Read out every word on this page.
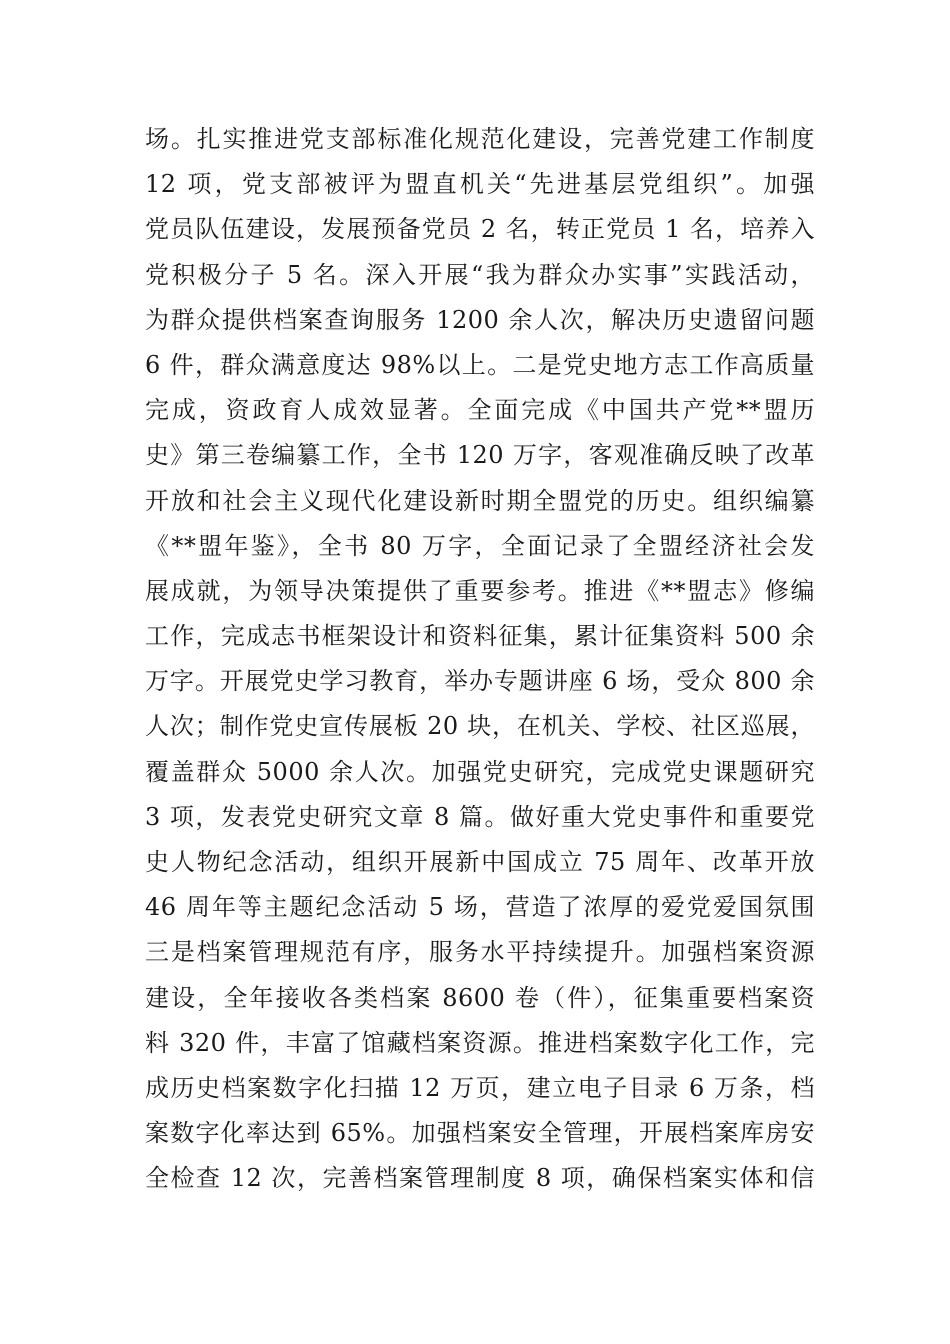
场。扎实推进党支部标准化规范化建设，完善党建工作制度
12 项，党支部被评为盟直机关“先进基层党组织”。加强
党员队伍建设，发展预备党员 2 名，转正党员 1 名，培养入
党积极分子 5 名。深入开展“我为群众办实事”实践活动，
为群众提供档案查询服务 1200 余人次，解决历史遗留问题
6 件，群众满意度达 98%以上。二是党史地方志工作高质量
完成，资政育人成效显著。全面完成《中国共产党**盟历
史》第三卷编纂工作，全书 120 万字，客观准确反映了改革
开放和社会主义现代化建设新时期全盟党的历史。组织编纂
《**盟年鉴》，全书 80 万字，全面记录了全盟经济社会发
展成就，为领导决策提供了重要参考。推进《**盟志》修编
工作，完成志书框架设计和资料征集，累计征集资料 500 余
万字。开展党史学习教育，举办专题讲座 6 场，受众 800 余
人次；制作党史宣传展板 20 块，在机关、学校、社区巡展，
覆盖群众 5000 余人次。加强党史研究，完成党史课题研究
3 项，发表党史研究文章 8 篇。做好重大党史事件和重要党
史人物纪念活动，组织开展新中国成立 75 周年、改革开放
46 周年等主题纪念活动 5 场，营造了浓厚的爱党爱国氛围
三是档案管理规范有序，服务水平持续提升。加强档案资源
建设，全年接收各类档案 8600 卷（件），征集重要档案资
料 320 件，丰富了馆藏档案资源。推进档案数字化工作，完
成历史档案数字化扫描 12 万页，建立电子目录 6 万条，档
案数字化率达到 65%。加强档案安全管理，开展档案库房安
全检查 12 次，完善档案管理制度 8 项，确保档案实体和信
